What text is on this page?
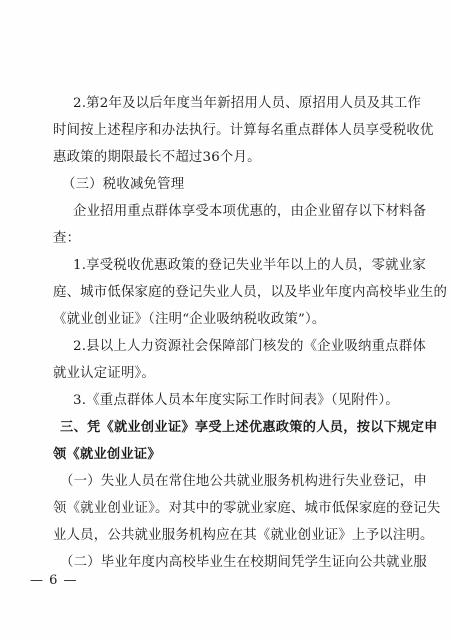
2.第2年及以后年度当年新招用人员、原招用人员及其工作
时间按上述程序和办法执行。计算每名重点群体人员享受税收优
惠政策的期限最长不超过36个月。
（三）税收减免管理
企业招用重点群体享受本项优惠的，由企业留存以下材料备
查：
1.享受税收优惠政策的登记失业半年以上的人员，零就业家
庭、城市低保家庭的登记失业人员，以及毕业年度内高校毕业生的
《就业创业证》（注明“企业吸纳税收政策”）。
2.县以上人力资源社会保障部门核发的《企业吸纳重点群体
就业认定证明》。
3.《重点群体人员本年度实际工作时间表》（见附件）。
三、凭《就业创业证》享受上述优惠政策的人员，按以下规定申
领《就业创业证》
（一）失业人员在常住地公共就业服务机构进行失业登记，申
领《就业创业证》。对其中的零就业家庭、城市低保家庭的登记失
业人员，公共就业服务机构应在其《就业创业证》上予以注明。
（二）毕业年度内高校毕业生在校期间凭学生证向公共就业服
— 6 —
